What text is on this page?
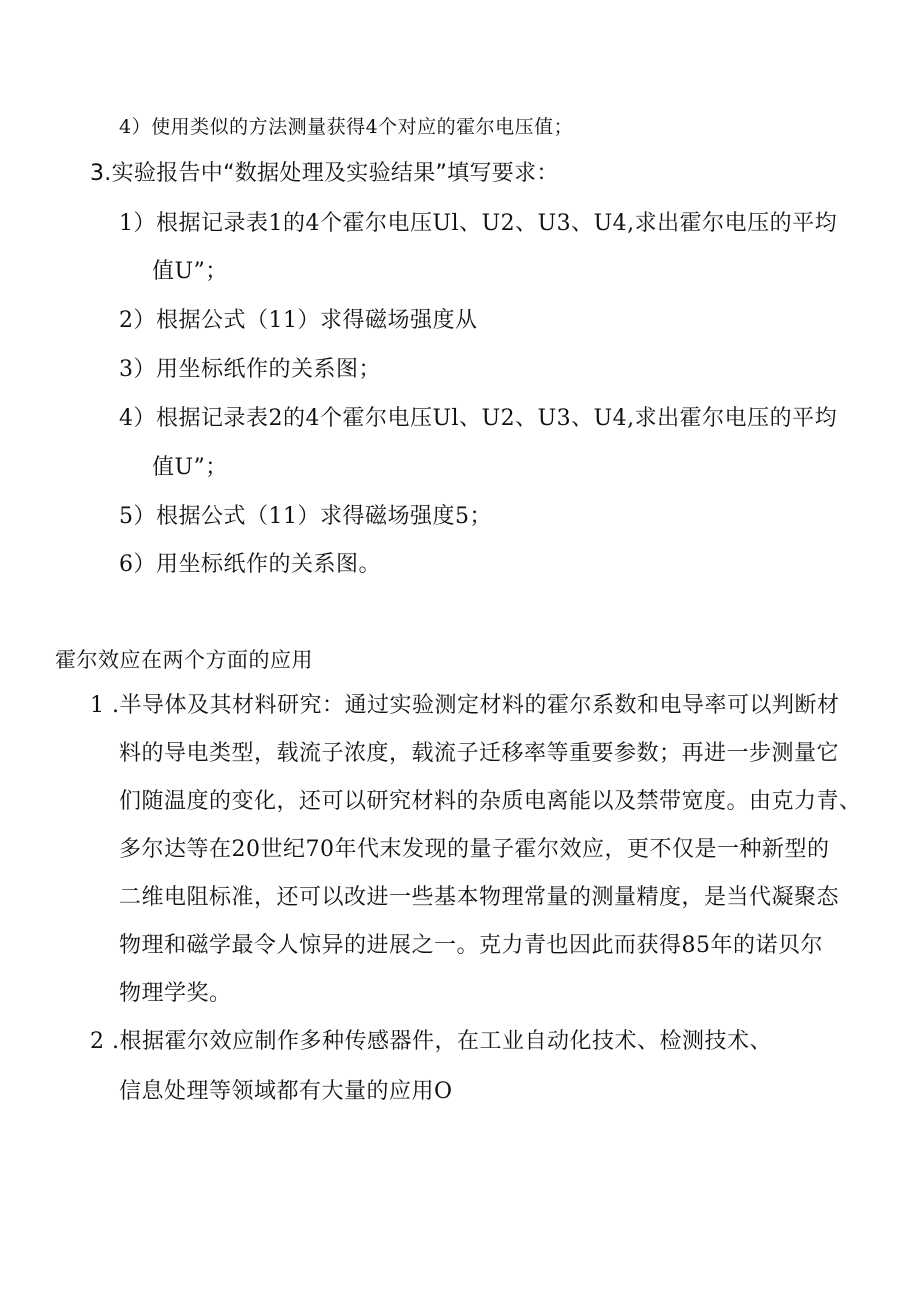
4）使用类似的方法测量获得4个对应的霍尔电压值；
3.实验报告中“数据处理及实验结果”填写要求：
1）根据记录表1的4个霍尔电压Ul、U2、U3、U4,求出霍尔电压的平均
值U”；
2）根据公式（11）求得磁场强度从
3）用坐标纸作的关系图；
4）根据记录表2的4个霍尔电压Ul、U2、U3、U4,求出霍尔电压的平均
值U”；
5）根据公式（11）求得磁场强度5；
6）用坐标纸作的关系图。
霍尔效应在两个方面的应用
1 .半导体及其材料研究：通过实验测定材料的霍尔系数和电导率可以判断材
料的导电类型，载流子浓度，载流子迁移率等重要参数；再进一步测量它
们随温度的变化，还可以研究材料的杂质电离能以及禁带宽度。由克力青、
多尔达等在20世纪70年代末发现的量子霍尔效应，更不仅是一种新型的
二维电阻标准，还可以改进一些基本物理常量的测量精度，是当代凝聚态
物理和磁学最令人惊异的进展之一。克力青也因此而获得85年的诺贝尔
物理学奖。
2 .根据霍尔效应制作多种传感器件，在工业自动化技术、检测技术、
信息处理等领域都有大量的应用O
